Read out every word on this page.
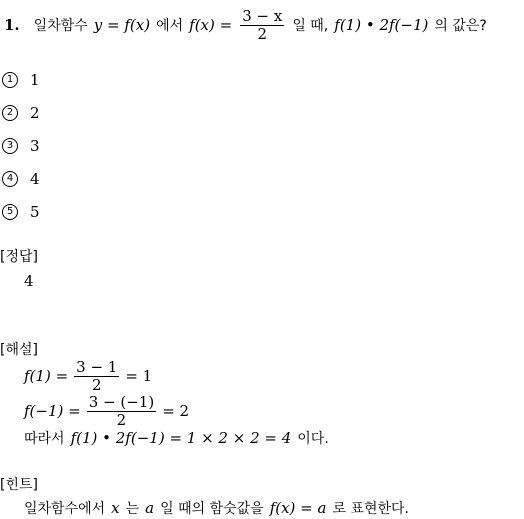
1. 일차함수 y = f(x) 에서 $f(x) = \frac{3 - x}{2}$ 일 때, f(1) • 2f(−1) 의 값은?
1 1
2 2
3 3
4 4
5 5
[정답]
4
[해설]
$f(1) = \frac{3 - 1}{2} = 1$
$f(-1) = \frac{3 - (-1)}{2} = 2$
따라서 f(1) • 2f(−1) = 1 × 2 × 2 = 4 이다.
[힌트]
일차함수에서 x 는 a 일 때의 함숫값을 f(x) = a 로 표현한다.
